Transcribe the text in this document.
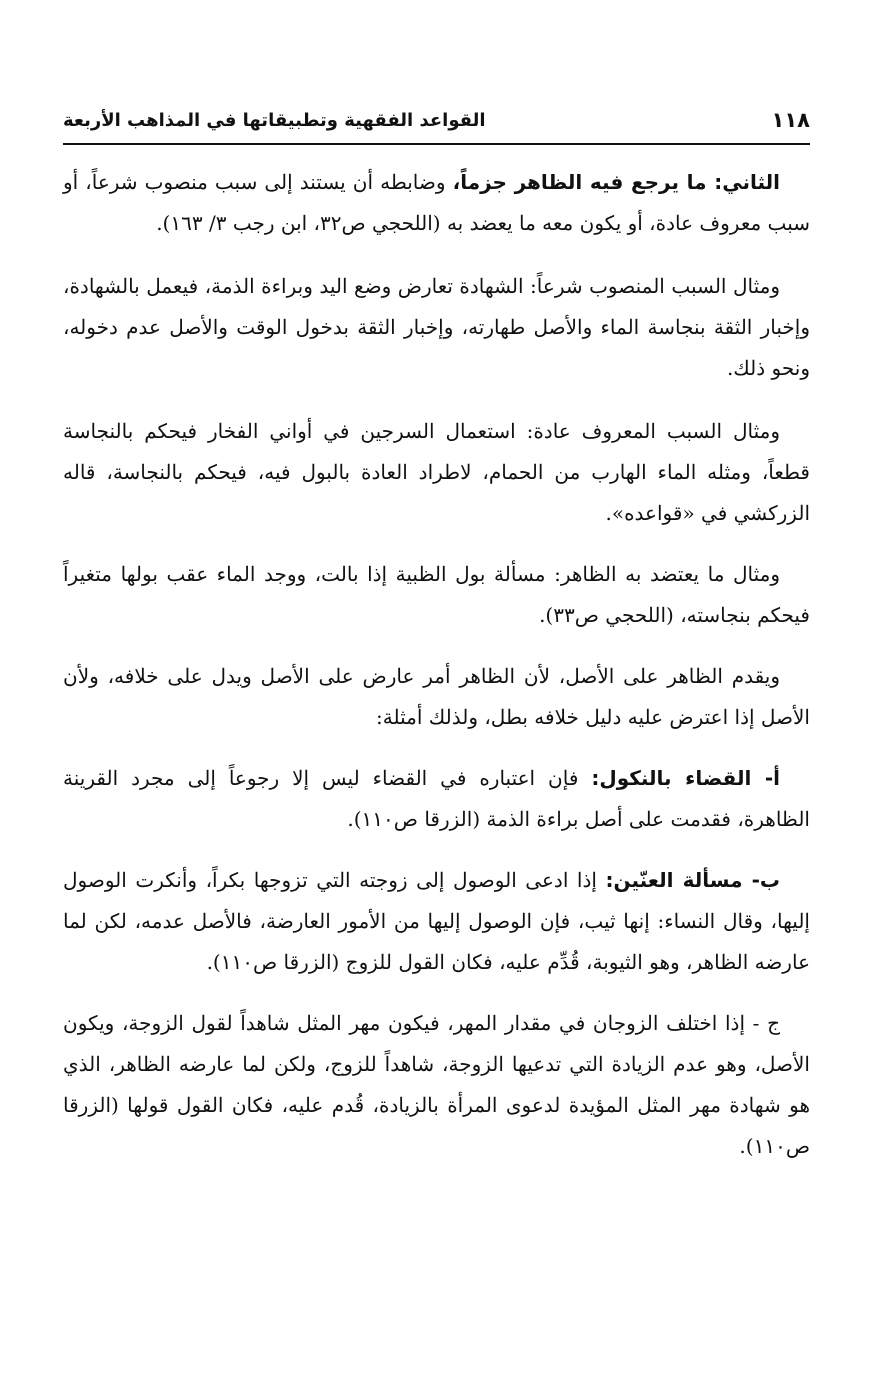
١١٨
القواعد الفقهية وتطبيقاتها في المذاهب الأربعة

الثاني: ما يرجع فيه الظاهر جزماً، وضابطه أن يستند إلى سبب منصوب شرعاً، أو سبب معروف عادة، أو يكون معه ما يعضد به (اللحجي ص٣٢، ابن رجب ٣/ ١٦٣).

ومثال السبب المنصوب شرعاً: الشهادة تعارض وضع اليد وبراءة الذمة، فيعمل بالشهادة، وإخبار الثقة بنجاسة الماء والأصل طهارته، وإخبار الثقة بدخول الوقت والأصل عدم دخوله، ونحو ذلك.

ومثال السبب المعروف عادة: استعمال السرجين في أواني الفخار فيحكم بالنجاسة قطعاً، ومثله الماء الهارب من الحمام، لاطراد العادة بالبول فيه، فيحكم بالنجاسة، قاله الزركشي في «قواعده».

ومثال ما يعتضد به الظاهر: مسألة بول الظبية إذا بالت، ووجد الماء عقب بولها متغيراً فيحكم بنجاسته، (اللحجي ص٣٣).

ويقدم الظاهر على الأصل، لأن الظاهر أمر عارض على الأصل ويدل على خلافه، ولأن الأصل إذا اعترض عليه دليل خلافه بطل، ولذلك أمثلة:

أ- القضاء بالنكول: فإن اعتباره في القضاء ليس إلا رجوعاً إلى مجرد القرينة الظاهرة، فقدمت على أصل براءة الذمة (الزرقا ص١١٠).

ب- مسألة العنّين: إذا ادعى الوصول إلى زوجته التي تزوجها بكراً، وأنكرت الوصول إليها، وقال النساء: إنها ثيب، فإن الوصول إليها من الأمور العارضة، فالأصل عدمه، لكن لما عارضه الظاهر، وهو الثيوبة، قُدِّم عليه، فكان القول للزوج (الزرقا ص١١٠).

ج - إذا اختلف الزوجان في مقدار المهر، فيكون مهر المثل شاهداً لقول الزوجة، ويكون الأصل، وهو عدم الزيادة التي تدعيها الزوجة، شاهداً للزوج، ولكن لما عارضه الظاهر، الذي هو شهادة مهر المثل المؤيدة لدعوى المرأة بالزيادة، قُدم عليه، فكان القول قولها (الزرقا ص١١٠).
